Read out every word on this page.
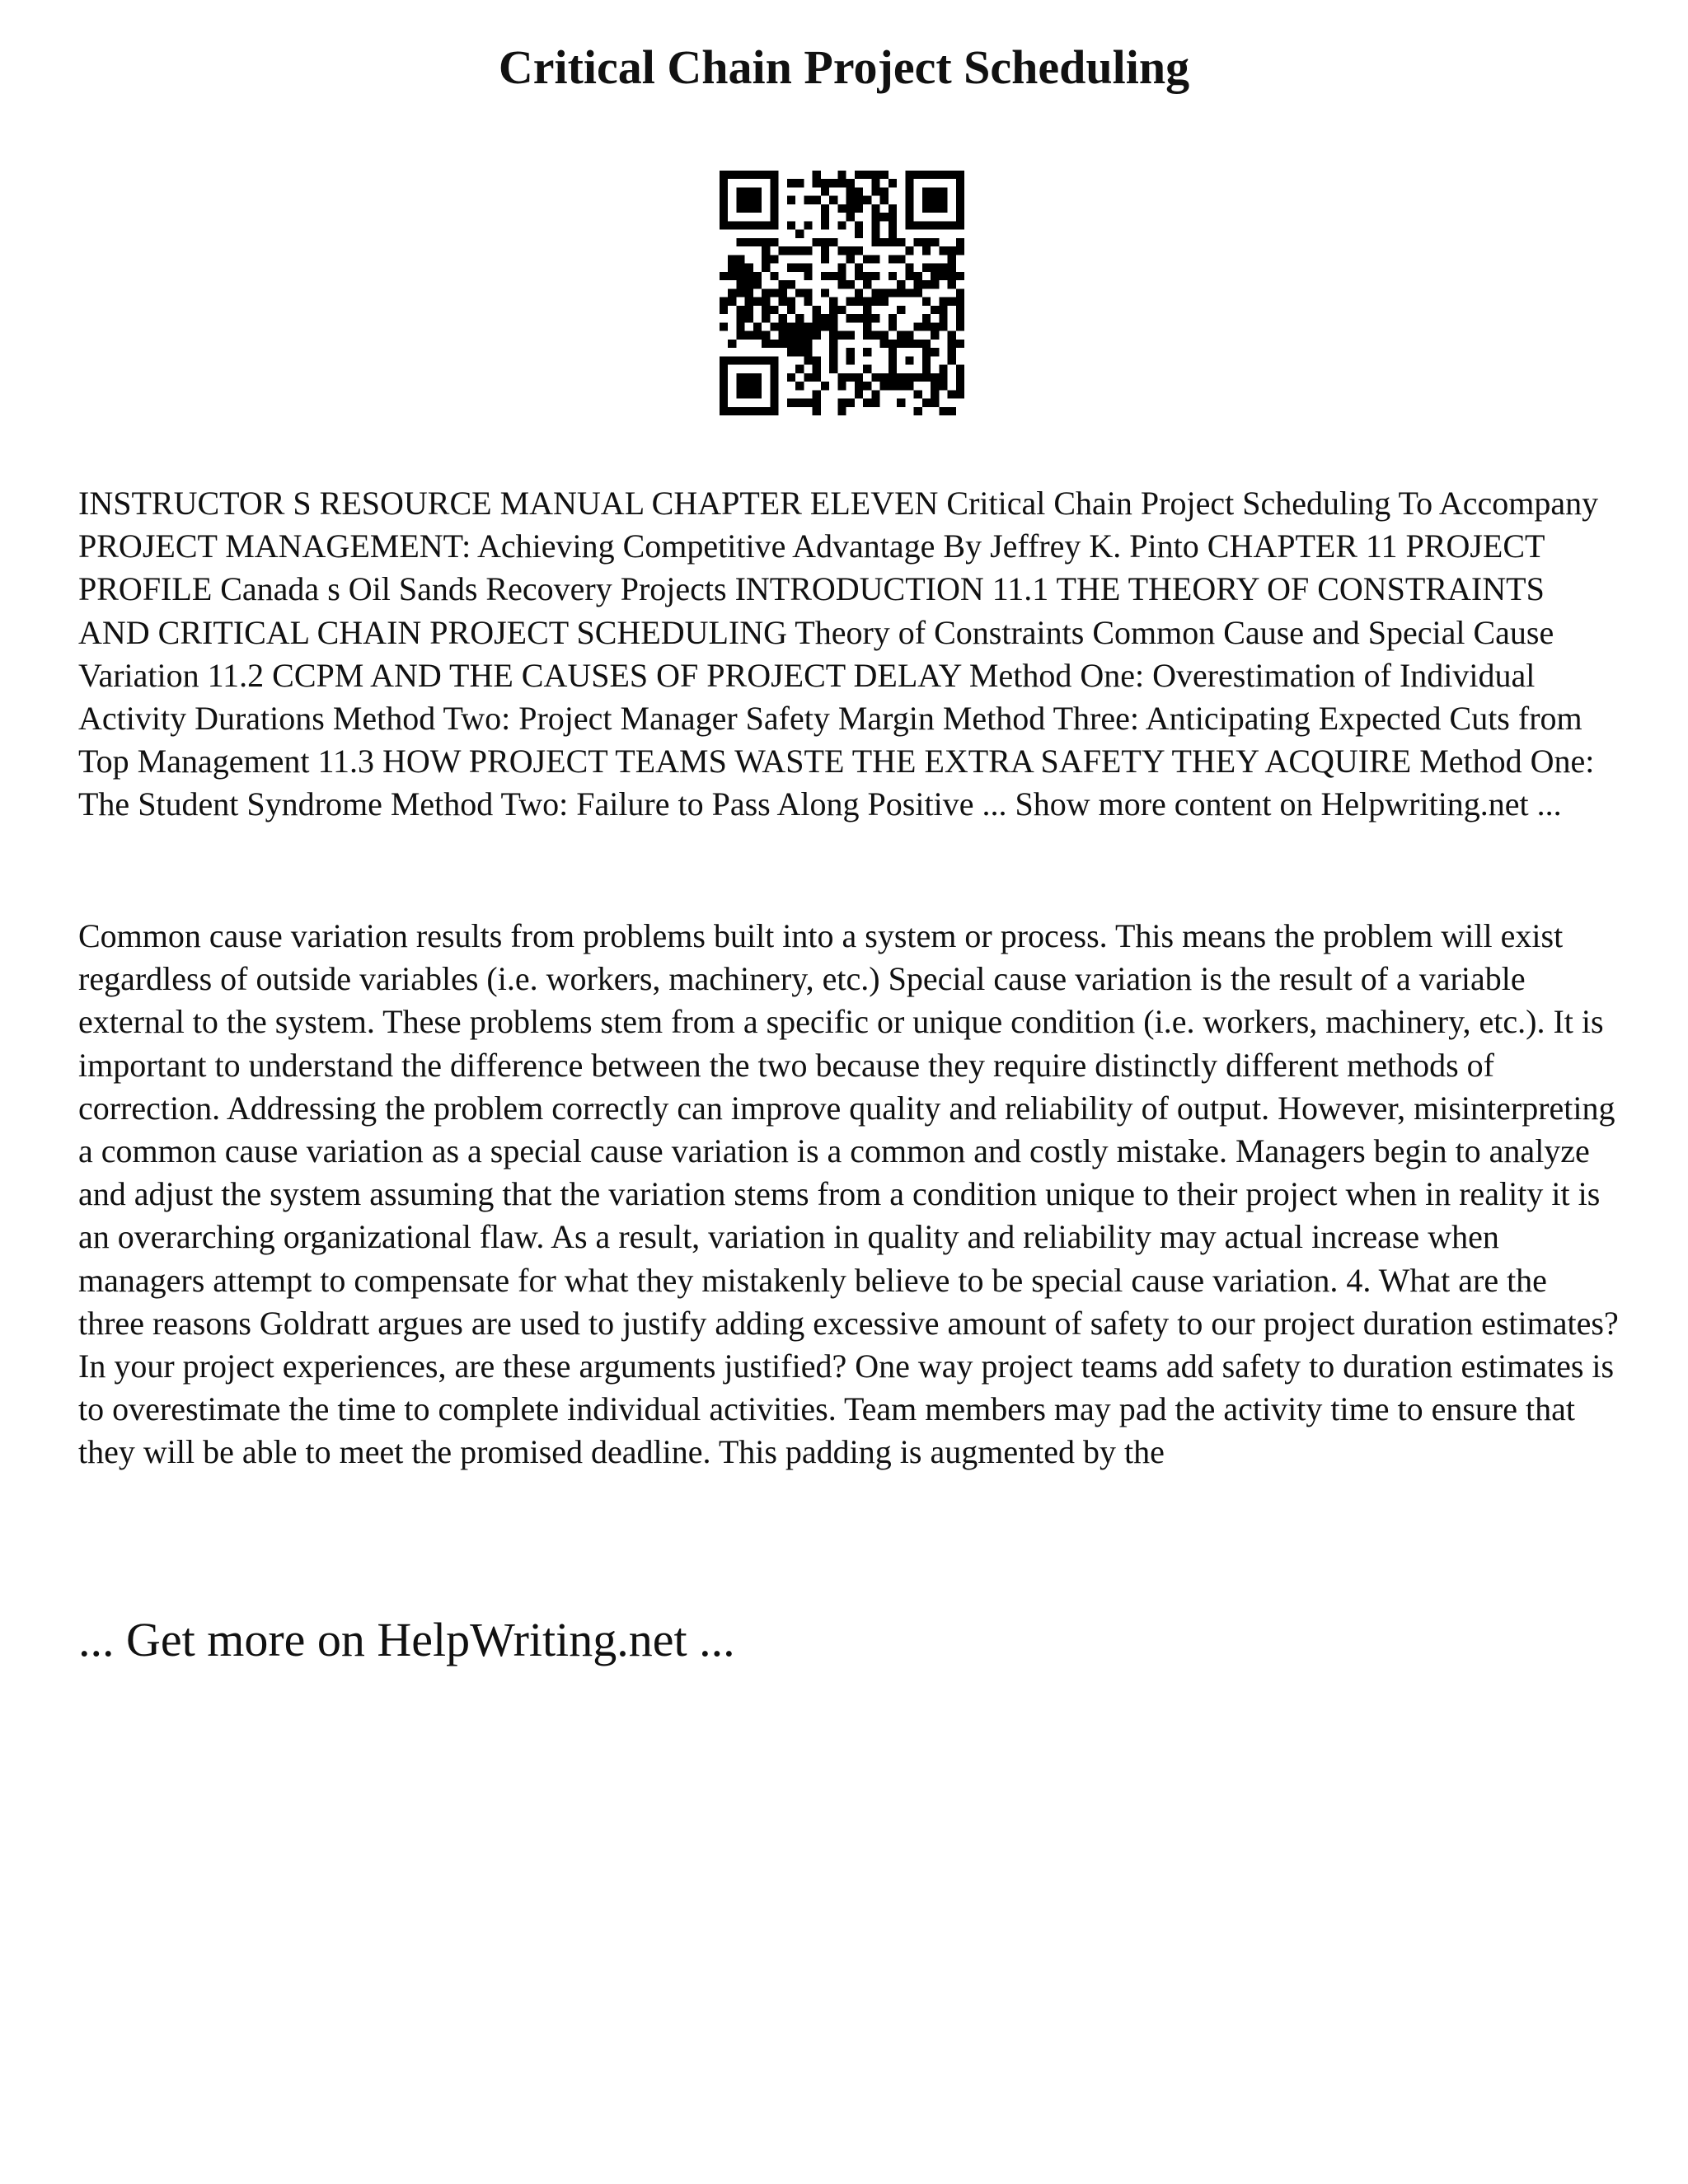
Critical Chain Project Scheduling

INSTRUCTOR S RESOURCE MANUAL CHAPTER ELEVEN Critical Chain Project Scheduling To Accompany PROJECT MANAGEMENT: Achieving Competitive Advantage By Jeffrey K. Pinto CHAPTER 11 PROJECT PROFILE Canada s Oil Sands Recovery Projects INTRODUCTION 11.1 THE THEORY OF CONSTRAINTS AND CRITICAL CHAIN PROJECT SCHEDULING Theory of Constraints Common Cause and Special Cause Variation 11.2 CCPM AND THE CAUSES OF PROJECT DELAY Method One: Overestimation of Individual Activity Durations Method Two: Project Manager Safety Margin Method Three: Anticipating Expected Cuts from Top Management 11.3 HOW PROJECT TEAMS WASTE THE EXTRA SAFETY THEY ACQUIRE Method One: The Student Syndrome Method Two: Failure to Pass Along Positive ... Show more content on Helpwriting.net ...

Common cause variation results from problems built into a system or process. This means the problem will exist regardless of outside variables (i.e. workers, machinery, etc.) Special cause variation is the result of a variable external to the system. These problems stem from a specific or unique condition (i.e. workers, machinery, etc.). It is important to understand the difference between the two because they require distinctly different methods of correction. Addressing the problem correctly can improve quality and reliability of output. However, misinterpreting a common cause variation as a special cause variation is a common and costly mistake. Managers begin to analyze and adjust the system assuming that the variation stems from a condition unique to their project when in reality it is an overarching organizational flaw. As a result, variation in quality and reliability may actual increase when managers attempt to compensate for what they mistakenly believe to be special cause variation. 4. What are the three reasons Goldratt argues are used to justify adding excessive amount of safety to our project duration estimates? In your project experiences, are these arguments justified? One way project teams add safety to duration estimates is to overestimate the time to complete individual activities. Team members may pad the activity time to ensure that they will be able to meet the promised deadline. This padding is augmented by the

... Get more on HelpWriting.net ...
